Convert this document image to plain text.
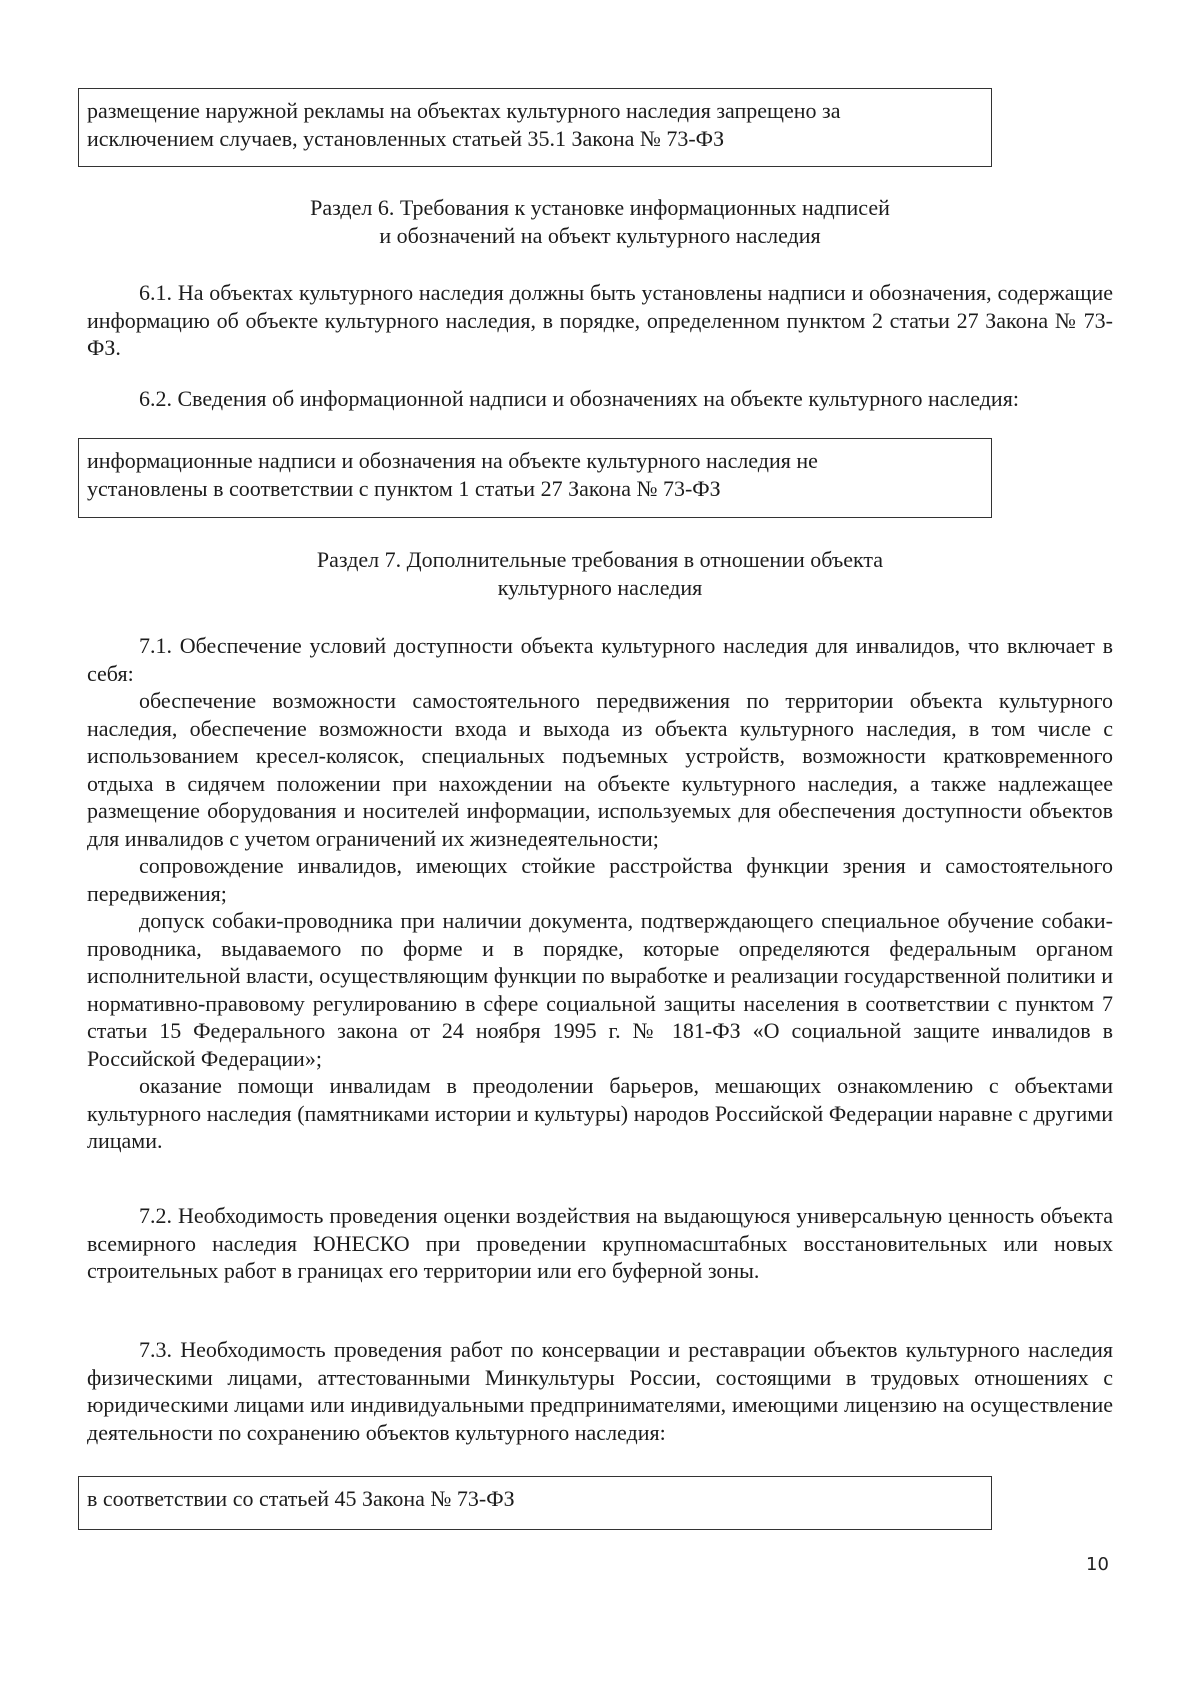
размещение наружной рекламы на объектах культурного наследия запрещено за
исключением случаев, установленных статьей 35.1 Закона № 73-ФЗ
Раздел 6. Требования к установке информационных надписей
и обозначений на объект культурного наследия

6.1. На объектах культурного наследия должны быть установлены надписи и обозначения, содержащие информацию об объекте культурного наследия, в порядке, определенном пунктом 2 статьи 27 Закона № 73-ФЗ.

6.2. Сведения об информационной надписи и обозначениях на объекте культурного наследия:

информационные надписи и обозначения на объекте культурного наследия не
установлены в соответствии с пунктом 1 статьи 27 Закона № 73-ФЗ
Раздел 7. Дополнительные требования в отношении объекта
культурного наследия

7.1. Обеспечение условий доступности объекта культурного наследия для инвалидов, что включает в себя:

обеспечение возможности самостоятельного передвижения по территории объекта культурного наследия, обеспечение возможности входа и выхода из объекта культурного наследия, в том числе с использованием кресел-колясок, специальных подъемных устройств, возможности кратковременного отдыха в сидячем положении при нахождении на объекте культурного наследия, а также надлежащее размещение оборудования и носителей информации, используемых для обеспечения доступности объектов для инвалидов с учетом ограничений их жизнедеятельности;

сопровождение инвалидов, имеющих стойкие расстройства функции зрения и самостоятельного передвижения;

допуск собаки-проводника при наличии документа, подтверждающего специальное обучение собаки-проводника, выдаваемого по форме и в порядке, которые определяются федеральным органом исполнительной власти, осуществляющим функции по выработке и реализации государственной политики и нормативно-правовому регулированию в сфере социальной защиты населения в соответствии с пунктом 7 статьи 15 Федерального закона от 24 ноября 1995 г. № 181-ФЗ «О социальной защите инвалидов в Российской Федерации»;

оказание помощи инвалидам в преодолении барьеров, мешающих ознакомлению с объектами культурного наследия (памятниками истории и культуры) народов Российской Федерации наравне с другими лицами.

7.2. Необходимость проведения оценки воздействия на выдающуюся универсальную ценность объекта всемирного наследия ЮНЕСКО при проведении крупномасштабных восстановительных или новых строительных работ в границах его территории или его буферной зоны.

7.3. Необходимость проведения работ по консервации и реставрации объектов культурного наследия физическими лицами, аттестованными Минкультуры России, состоящими в трудовых отношениях с юридическими лицами или индивидуальными предпринимателями, имеющими лицензию на осуществление деятельности по сохранению объектов культурного наследия:

в соответствии со статьей 45 Закона № 73-ФЗ
10
